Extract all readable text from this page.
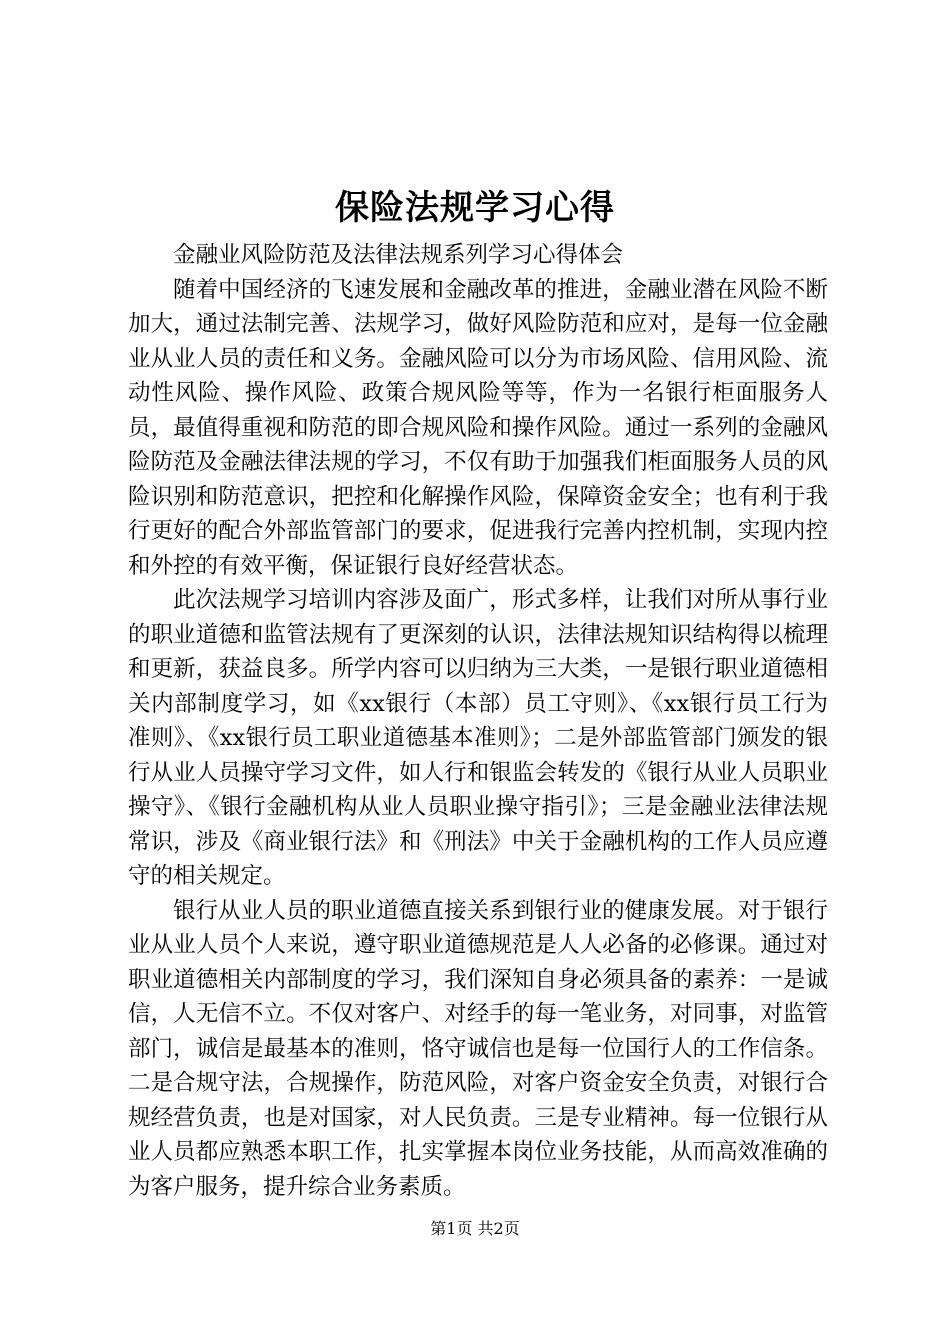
保险法规学习心得

金融业风险防范及法律法规系列学习心得体会

随着中国经济的飞速发展和金融改革的推进，金融业潜在风险不断加大，通过法制完善、法规学习，做好风险防范和应对，是每一位金融业从业人员的责任和义务。金融风险可以分为市场风险、信用风险、流动性风险、操作风险、政策合规风险等等，作为一名银行柜面服务人员，最值得重视和防范的即合规风险和操作风险。通过一系列的金融风险防范及金融法律法规的学习，不仅有助于加强我们柜面服务人员的风险识别和防范意识，把控和化解操作风险，保障资金安全；也有利于我行更好的配合外部监管部门的要求，促进我行完善内控机制，实现内控和外控的有效平衡，保证银行良好经营状态。

此次法规学习培训内容涉及面广，形式多样，让我们对所从事行业的职业道德和监管法规有了更深刻的认识，法律法规知识结构得以梳理和更新，获益良多。所学内容可以归纳为三大类，一是银行职业道德相关内部制度学习，如《xx银行（本部）员工守则》、《xx银行员工行为准则》、《xx银行员工职业道德基本准则》；二是外部监管部门颁发的银行从业人员操守学习文件，如人行和银监会转发的《银行从业人员职业操守》、《银行金融机构从业人员职业操守指引》；三是金融业法律法规常识，涉及《商业银行法》和《刑法》中关于金融机构的工作人员应遵守的相关规定。

银行从业人员的职业道德直接关系到银行业的健康发展。对于银行业从业人员个人来说，遵守职业道德规范是人人必备的必修课。通过对职业道德相关内部制度的学习，我们深知自身必须具备的素养：一是诚信，人无信不立。不仅对客户、对经手的每一笔业务，对同事，对监管部门，诚信是最基本的准则，恪守诚信也是每一位国行人的工作信条。二是合规守法，合规操作，防范风险，对客户资金安全负责，对银行合规经营负责，也是对国家，对人民负责。三是专业精神。每一位银行从业人员都应熟悉本职工作，扎实掌握本岗位业务技能，从而高效准确的为客户服务，提升综合业务素质。

第1页 共2页
